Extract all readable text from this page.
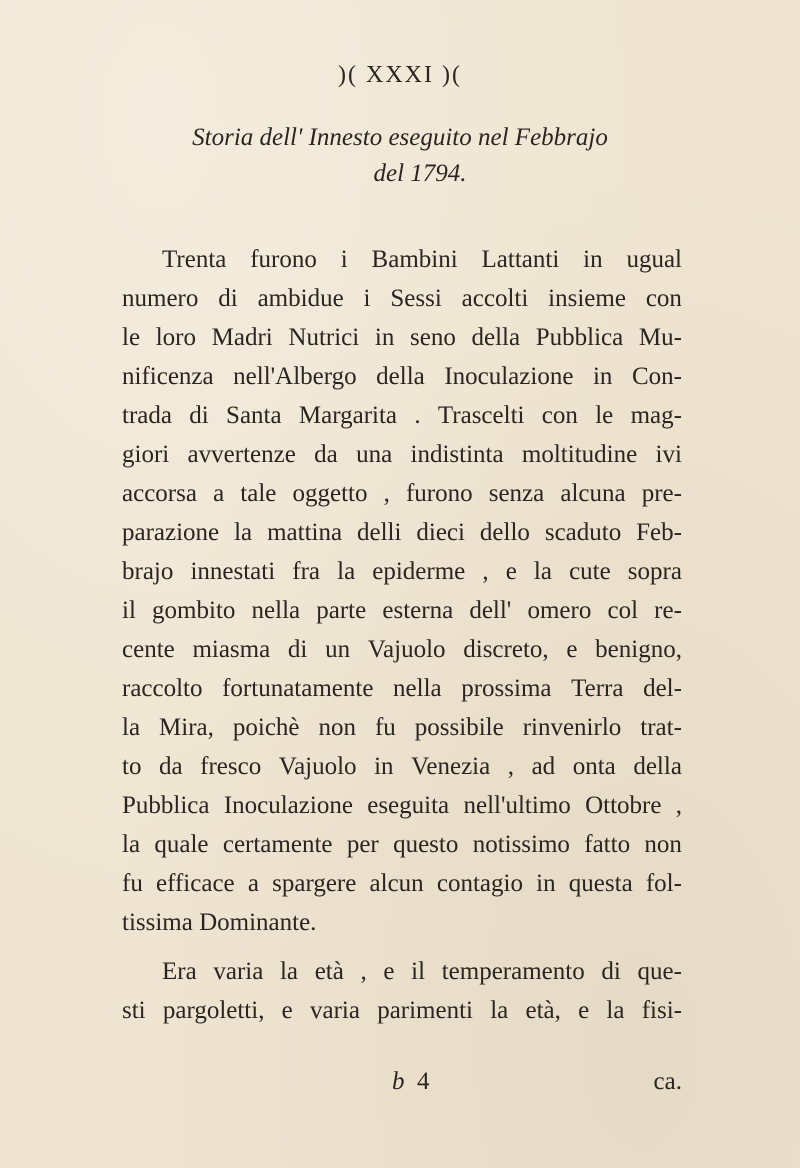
)( XXXI )(
Storia dell' Innesto eseguito nel Febbrajo
del 1794.
Trenta furono i Bambini Lattanti in ugual
numero di ambidue i Sessi accolti insieme con
le loro Madri Nutrici in seno della Pubblica Mu-
nificenza nell'Albergo della Inoculazione in Con-
trada di Santa Margarita . Trascelti con le mag-
giori avvertenze da una indistinta moltitudine ivi
accorsa a tale oggetto , furono senza alcuna pre-
parazione la mattina delli dieci dello scaduto Feb-
brajo innestati fra la epiderme , e la cute sopra
il gombito nella parte esterna dell' omero col re-
cente miasma di un Vajuolo discreto, e benigno,
raccolto fortunatamente nella prossima Terra del-
la Mira, poichè non fu possibile rinvenirlo trat-
to da fresco Vajuolo in Venezia , ad onta della
Pubblica Inoculazione eseguita nell'ultimo Ottobre ,
la quale certamente per questo notissimo fatto non
fu efficace a spargere alcun contagio in questa fol-
tissima Dominante.
Era varia la età , e il temperamento di que-
sti pargoletti, e varia parimenti la età, e la fisi-
b 4	ca.
